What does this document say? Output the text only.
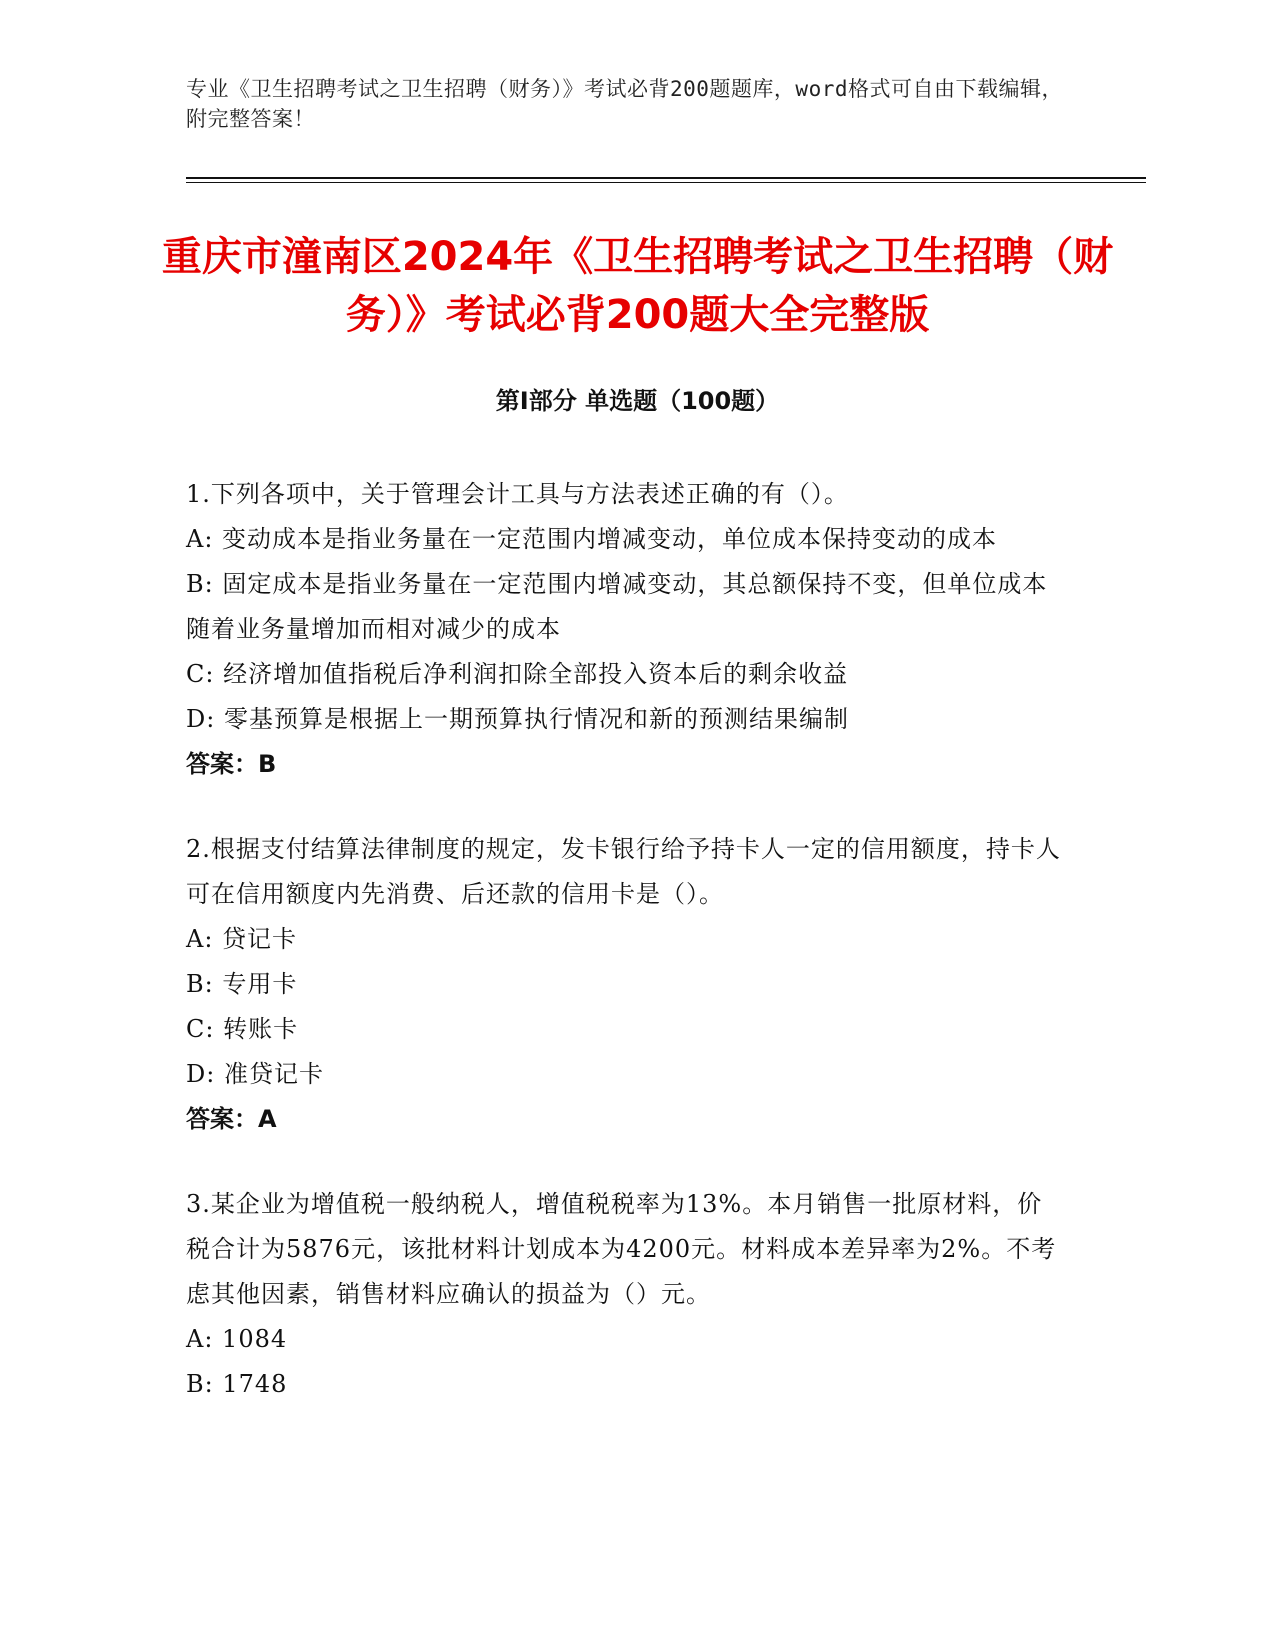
专业《卫生招聘考试之卫生招聘（财务）》考试必背200题题库，word格式可自由下载编辑，附完整答案！
重庆市潼南区2024年《卫生招聘考试之卫生招聘（财务）》考试必背200题大全完整版
第I部分 单选题（100题）

1.下列各项中，关于管理会计工具与方法表述正确的有（）。

A: 变动成本是指业务量在一定范围内增减变动，单位成本保持变动的成本

B: 固定成本是指业务量在一定范围内增减变动，其总额保持不变，但单位成本随着业务量增加而相对减少的成本

C: 经济增加值指税后净利润扣除全部投入资本后的剩余收益

D: 零基预算是根据上一期预算执行情况和新的预测结果编制

答案：B

2.根据支付结算法律制度的规定，发卡银行给予持卡人一定的信用额度，持卡人可在信用额度内先消费、后还款的信用卡是（）。

A: 贷记卡

B: 专用卡

C: 转账卡

D: 准贷记卡

答案：A

3.某企业为增值税一般纳税人，增值税税率为13%。本月销售一批原材料，价税合计为5876元，该批材料计划成本为4200元。材料成本差异率为2%。不考虑其他因素，销售材料应确认的损益为（）元。

A: 1084

B: 1748
